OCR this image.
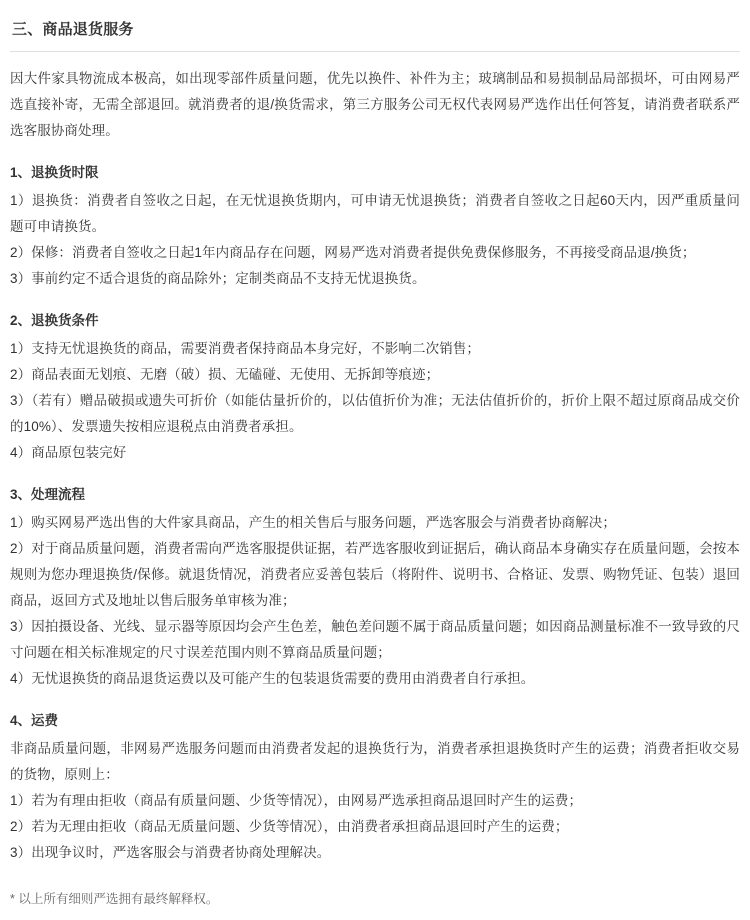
三、商品退货服务

因大件家具物流成本极高，如出现零部件质量问题，优先以换件、补件为主；玻璃制品和易损制品局部损坏，可由网易严选直接补寄，无需全部退回。就消费者的退/换货需求，第三方服务公司无权代表网易严选作出任何答复，请消费者联系严选客服协商处理。

1、退换货时限

1）退换货：消费者自签收之日起，在无忧退换货期内，可申请无忧退换货；消费者自签收之日起60天内，因严重质量问题可申请换货。

2）保修：消费者自签收之日起1年内商品存在问题，网易严选对消费者提供免费保修服务，不再接受商品退/换货；

3）事前约定不适合退货的商品除外；定制类商品不支持无忧退换货。

2、退换货条件

1）支持无忧退换货的商品，需要消费者保持商品本身完好，不影响二次销售；

2）商品表面无划痕、无磨（破）损、无磕碰、无使用、无拆卸等痕迹；

3）（若有）赠品破损或遗失可折价（如能估量折价的，以估值折价为准；无法估值折价的，折价上限不超过原商品成交价的10%）、发票遗失按相应退税点由消费者承担。

4）商品原包装完好

3、处理流程

1）购买网易严选出售的大件家具商品，产生的相关售后与服务问题，严选客服会与消费者协商解决；

2）对于商品质量问题，消费者需向严选客服提供证据，若严选客服收到证据后，确认商品本身确实存在质量问题，会按本规则为您办理退换货/保修。就退货情况，消费者应妥善包装后（将附件、说明书、合格证、发票、购物凭证、包装）退回商品，返回方式及地址以售后服务单审核为准；

3）因拍摄设备、光线、显示器等原因均会产生色差，触色差问题不属于商品质量问题；如因商品测量标准不一致导致的尺寸问题在相关标准规定的尺寸误差范围内则不算商品质量问题；

4）无忧退换货的商品退货运费以及可能产生的包装退货需要的费用由消费者自行承担。

4、运费

非商品质量问题，非网易严选服务问题而由消费者发起的退换货行为，消费者承担退换货时产生的运费；消费者拒收交易的货物，原则上：

1）若为有理由拒收（商品有质量问题、少货等情况），由网易严选承担商品退回时产生的运费；

2）若为无理由拒收（商品无质量问题、少货等情况），由消费者承担商品退回时产生的运费；

3）出现争议时，严选客服会与消费者协商处理解决。

* 以上所有细则严选拥有最终解释权。
